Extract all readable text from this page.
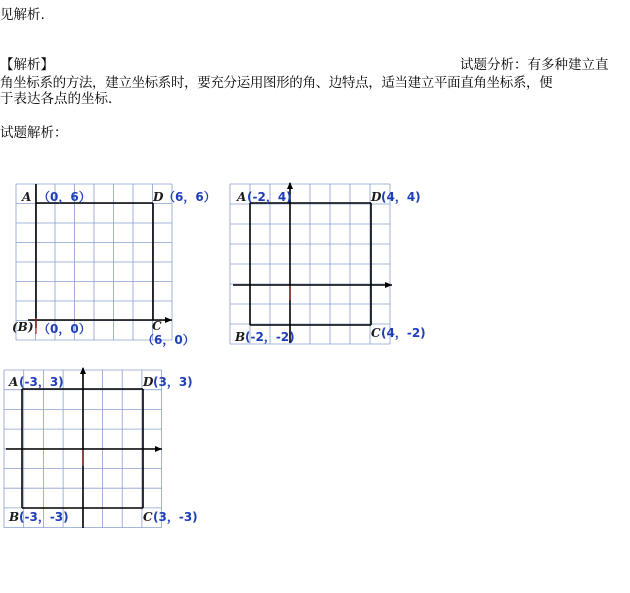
见解析.
【解析】	试题分析：有多种建立直
角坐标系的方法，建立坐标系时，要充分运用图形的角、边特点，适当建立平面直角坐标系，便
于表达各点的坐标．
试题解析：
A （0，6）	D （6，6）
(B) （0，0）	C
（6，0）
A (-2，4)	D (4，4)
B (-2，-2)	C (4，-2)
A (-3，3)	D (3，3)
B (-3，-3)	C (3，-3)
